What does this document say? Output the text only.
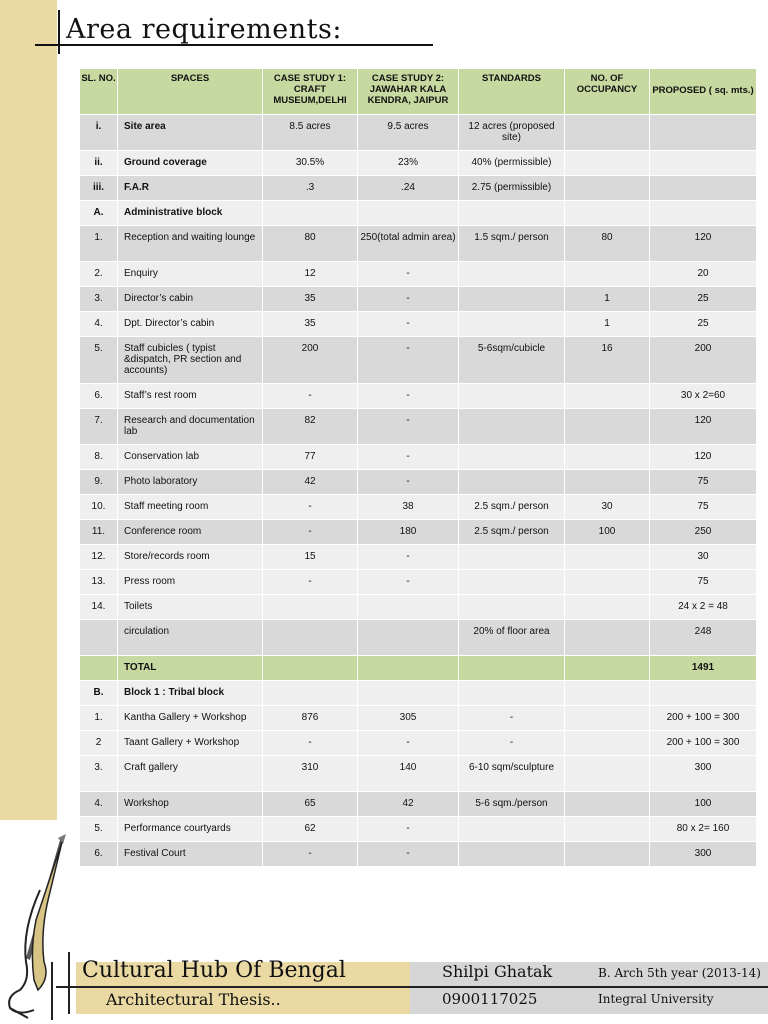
Area requirements:
SL. NO.	SPACES	CASE STUDY 1: CRAFT MUSEUM,DELHI	CASE STUDY 2: JAWAHAR KALA KENDRA, JAIPUR	STANDARDS	NO. OF OCCUPANCY	PROPOSED ( sq. mts.)
i.	Site area	8.5 acres	9.5 acres	12 acres (proposed site)		
ii.	Ground coverage	30.5%	23%	40% (permissible)		
iii.	F.A.R	.3	.24	2.75 (permissible)		
A.	Administrative block					
1.	Reception and waiting lounge	80	250(total admin area)	1.5 sqm./ person	80	120
2.	Enquiry	12	-			20
3.	Director’s cabin	35	-		1	25
4.	Dpt. Director’s cabin	35	-		1	25
5.	Staff cubicles ( typist &dispatch, PR section and accounts)	200	-	5-6sqm/cubicle	16	200
6.	Staff’s rest room	-	-			30 x 2=60
7.	Research and documentation lab	82	-			120
8.	Conservation lab	77	-			120
9.	Photo laboratory	42	-			75
10.	Staff meeting room	-	38	2.5 sqm./ person	30	75
11.	Conference room	-	180	2.5 sqm./ person	100	250
12.	Store/records room	15	-			30
13.	Press room	-	-			75
14.	Toilets					24 x 2 = 48
	circulation			20% of floor area		248
	TOTAL					1491
B.	Block 1 : Tribal block					
1.	Kantha Gallery + Workshop	876	305	-		200 + 100 = 300
2	Taant Gallery + Workshop	-	-	-		200 + 100 = 300
3.	Craft gallery	310	140	6-10 sqm/sculpture		300
4.	Workshop	65	42	5-6 sqm./person		100
5.	Performance courtyards	62	-			80 x 2= 160
6.	Festival Court	-	-			300
Cultural Hub Of Bengal
Architectural Thesis..
Shilpi Ghatak
0900117025
B. Arch 5th year (2013-14)
Integral University
